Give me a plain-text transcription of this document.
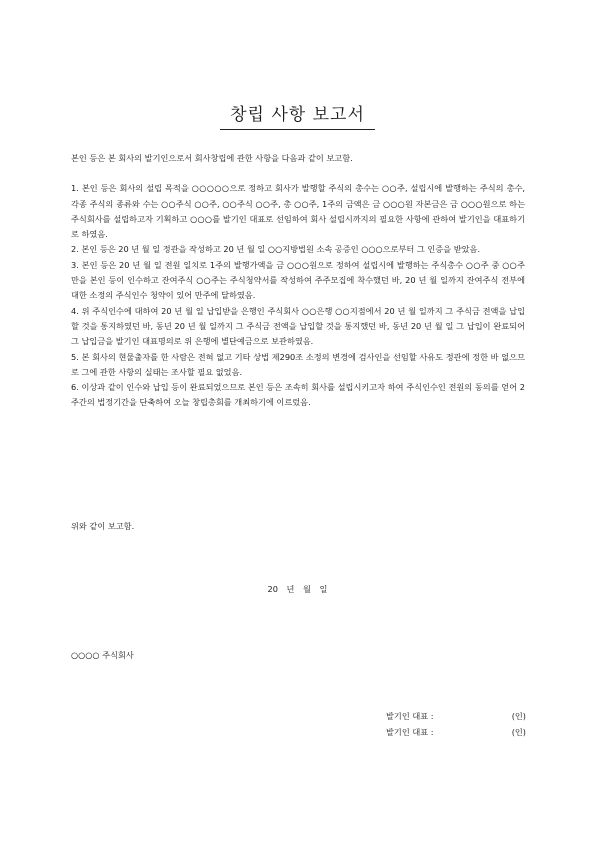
창립 사항 보고서

본인 등은 본 회사의 발기인으로서 회사창립에 관한 사항을 다음과 같이 보고함.

1. 본인 등은 회사의 설립 목적을 ○○○○○으로 정하고 회사가 발행할 주식의 총수는 ○○주, 설립시에 발행하는 주식의 총수, 각종 주식의 종류와 수는 ○○주식 ○○주, ○○주식 ○○주, 총 ○○주, 1주의 금액은 금 ○○○원 자본금은 금 ○○○원으로 하는 주식회사를 설립하고자 기획하고 ○○○를 발기인 대표로 선임하여 회사 설립시까지의 필요한 사항에 관하여 발기인을 대표하기로 하였음.

2. 본인 등은 20 년 월 일 정관을 작성하고 20 년 월 일 ○○지방법원 소속 공증인 ○○○으로부터 그 인증을 받았음.

3. 본인 등은 20 년 월 일 전원 일치로 1주의 발행가액을 금 ○○○원으로 정하여 설립시에 발행하는 주식총수 ○○주 중 ○○주만을 본인 등이 인수하고 잔여주식 ○○주는 주식청약서를 작성하여 주주모집에 착수했던 바, 20 년 월 일까지 잔여주식 전부에 대한 소정의 주식인수 청약이 있어 만주에 달하였음.

4. 위 주식인수에 대하여 20 년 월 일 납입받을 은행인 주식회사 ○○은행 ○○지점에서 20 년 월 일까지 그 주식금 전액을 납입할 것을 통지하였던 바, 동년 20 년 월 일까지 그 주식금 전액을 납입할 것을 통지했던 바, 동년 20 년 월 일 그 납입이 완료되어 그 납입금을 발기인 대표명의로 위 은행에 별단예금으로 보관하였음.

5. 본 회사의 현물출자를 한 사람은 전혀 없고 기타 상법 제290조 소정의 변경에 검사인을 선임할 사유도 정관에 정한 바 없으므로 그에 관한 사항의 실태는 조사할 필요 없었음.

6. 이상과 같이 인수와 납입 등이 완료되었으므로 본인 등은 조속히 회사를 설립시키고자 하여 주식인수인 전원의 동의를 얻어 2주간의 법정기간을 단축하여 오늘 창립총회를 개최하기에 이르렀음.

위와 같이 보고함.
20 년 월 일
○○○○ 주식회사
발기인 대표 :	(인)
발기인 대표 :	(인)
